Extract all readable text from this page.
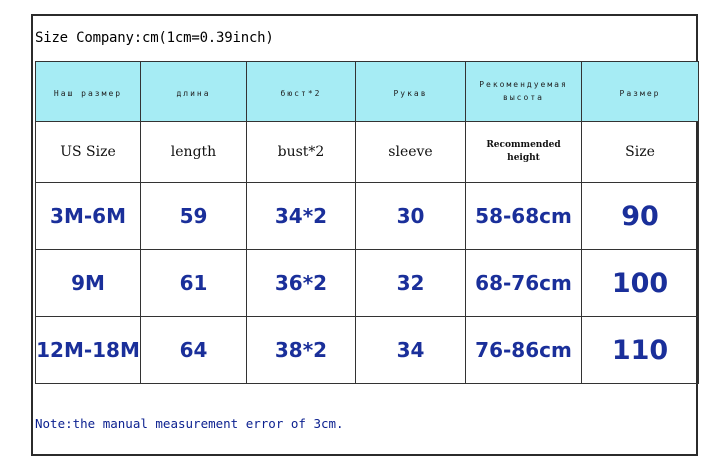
Size Company:cm(1cm=0.39inch)
Наш размер	длина	бюст*2	Рукав	Рекомендуемая высота	Размер
US Size	length	bust*2	sleeve	Recommended height	Size
3M-6M	59	34*2	30	58-68cm	90
9M	61	36*2	32	68-76cm	100
12M-18M	64	38*2	34	76-86cm	110
Note:the manual measurement error of 3cm.
